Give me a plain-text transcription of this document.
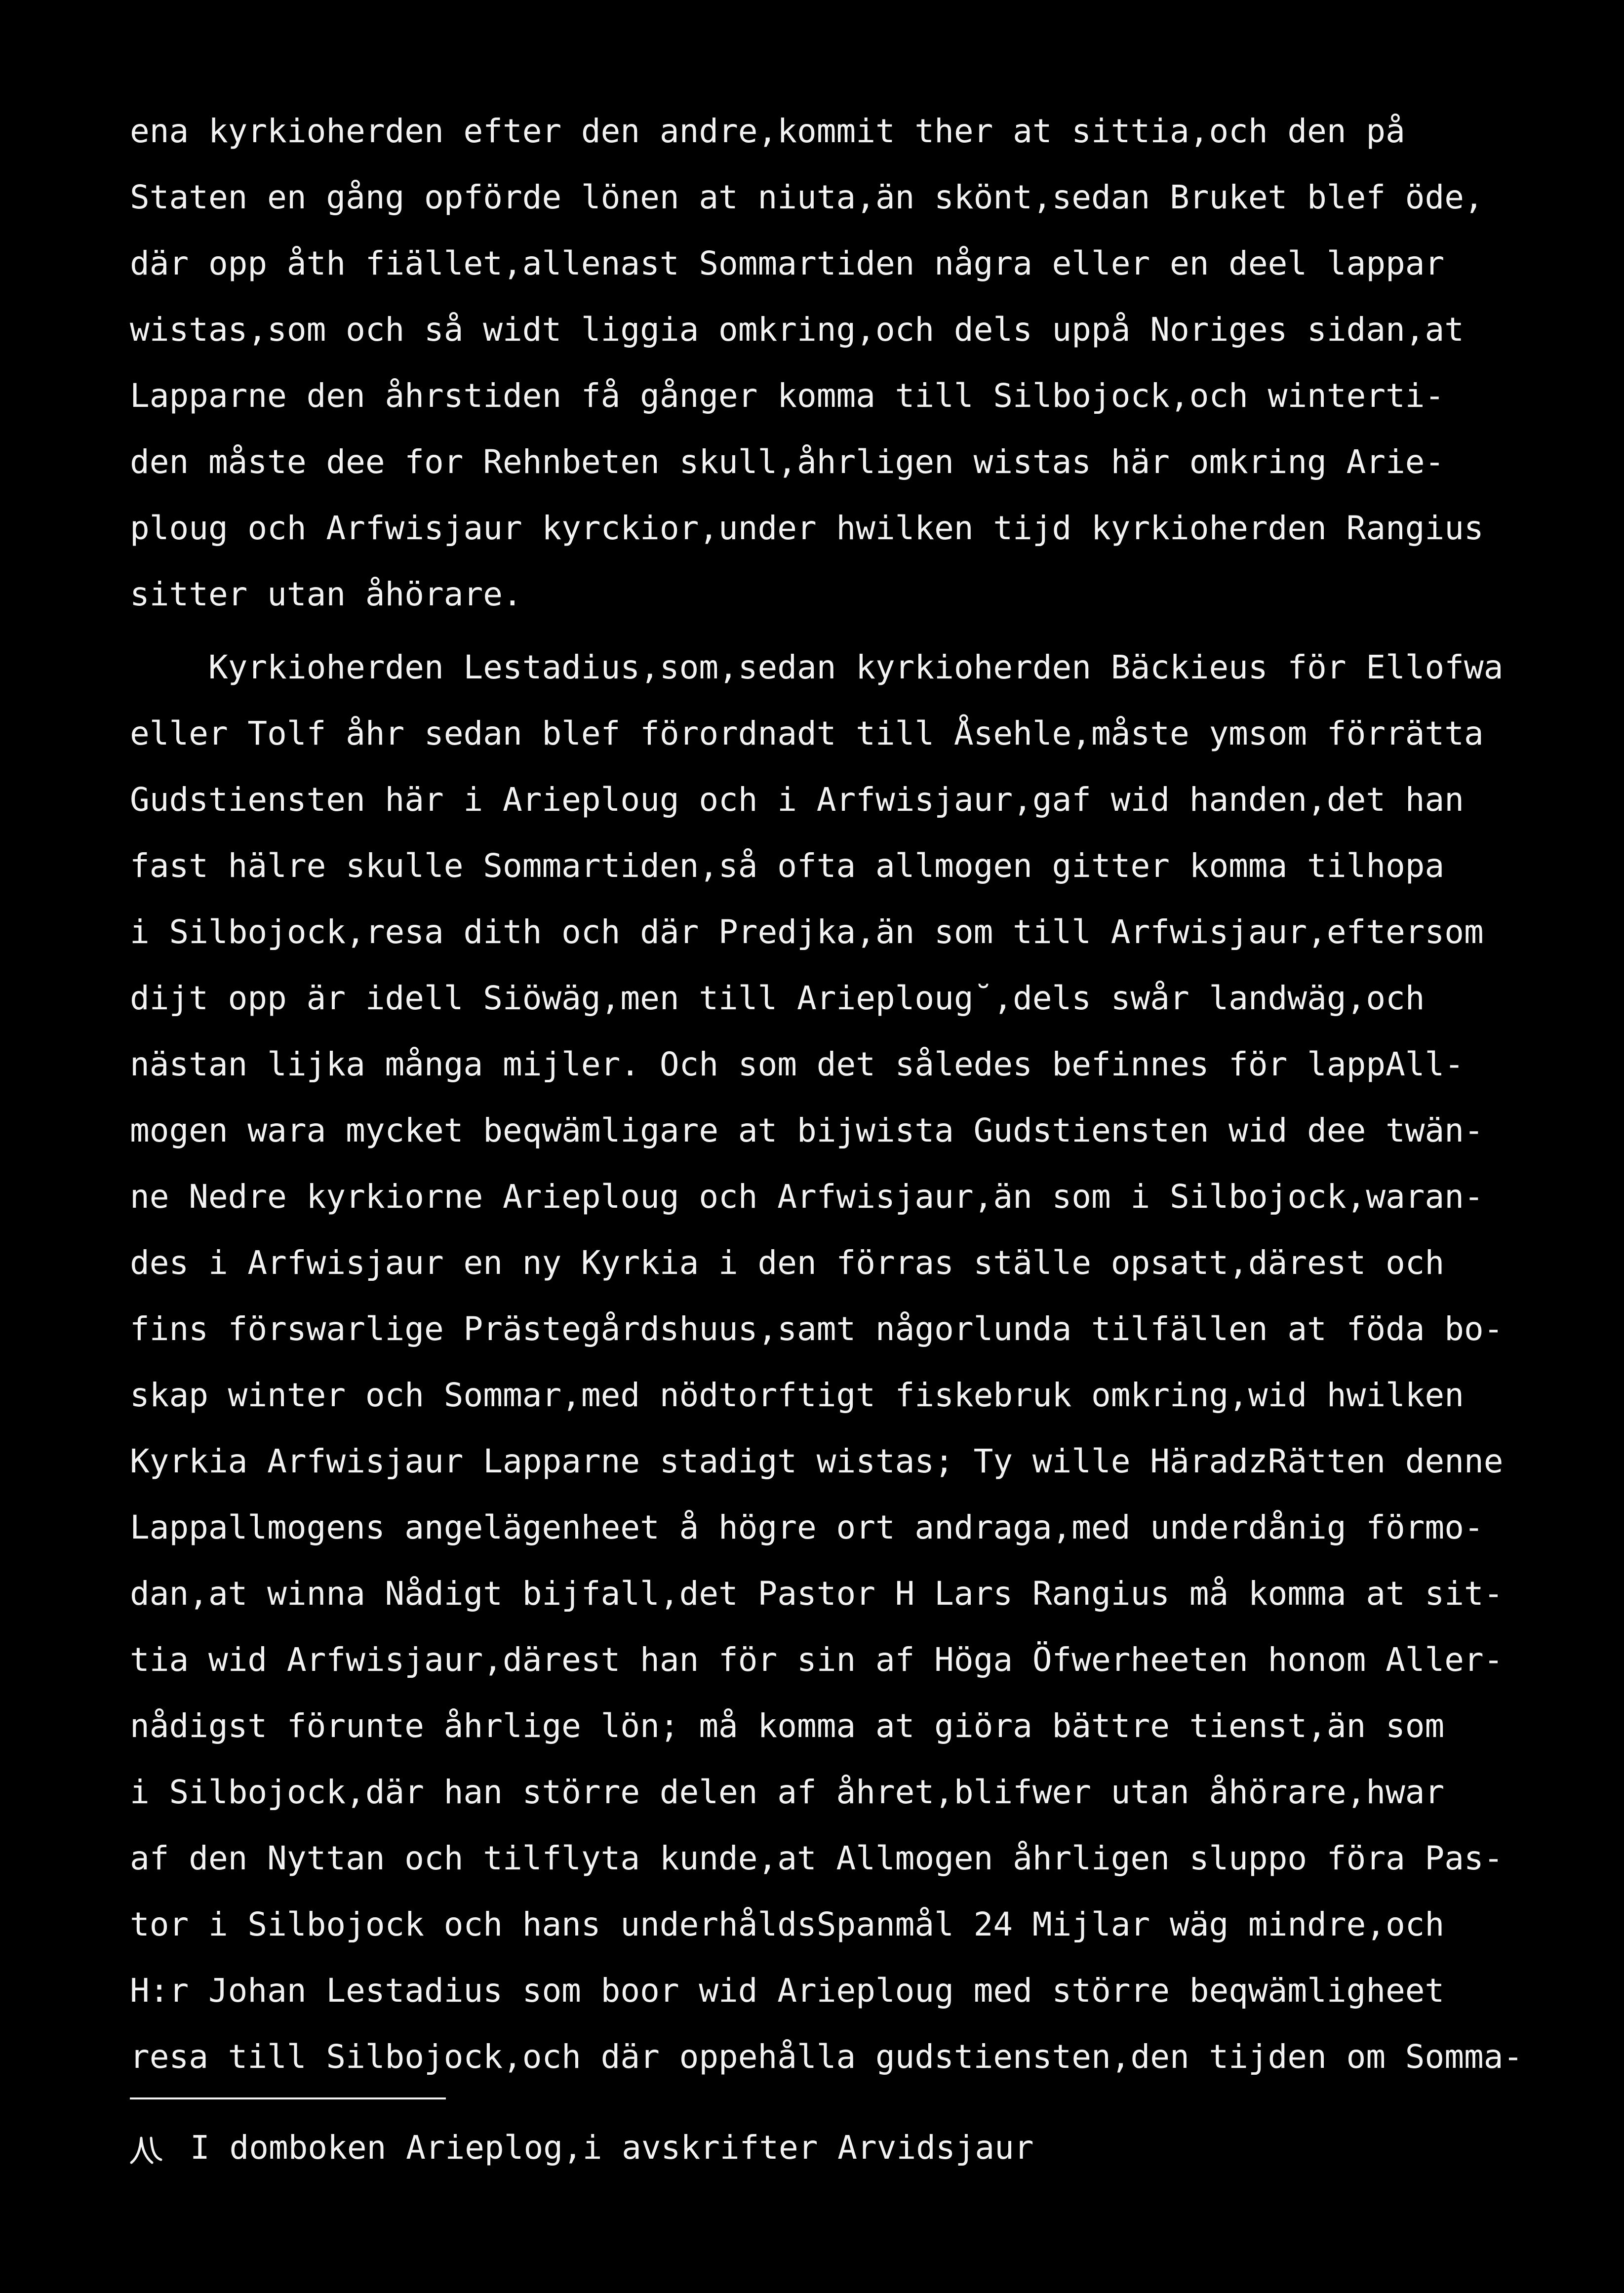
ena kyrkioherden efter den andre,kommit ther at sittia,och den på
Staten en gång opförde lönen at niuta,än skönt,sedan Bruket blef öde,
där opp åth fiället,allenast Sommartiden några eller en deel lappar
wistas,som och så widt liggia omkring,och dels uppå Noriges sidan,at
Lapparne den åhrstiden få gånger komma till Silbojock,och winterti-
den måste dee for Rehnbeten skull,åhrligen wistas här omkring Arie-
ploug och Arfwisjaur kyrckior,under hwilken tijd kyrkioherden Rangius
sitter utan åhörare.
Kyrkioherden Lestadius,som,sedan kyrkioherden Bäckieus för Ellofwa
eller Tolf åhr sedan blef förordnadt till Åsehle,måste ymsom förrätta
Gudstiensten här i Arieploug och i Arfwisjaur,gaf wid handen,det han
fast hälre skulle Sommartiden,så ofta allmogen gitter komma tilhopa
i Silbojock,resa dith och där Predjka,än som till Arfwisjaur,eftersom
dijt opp är idell Siöwäg,men till Arieploug˘,dels swår landwäg,och
nästan lijka många mijler. Och som det således befinnes för lappAll-
mogen wara mycket beqwämligare at bijwista Gudstiensten wid dee twän-
ne Nedre kyrkiorne Arieploug och Arfwisjaur,än som i Silbojock,waran-
des i Arfwisjaur en ny Kyrkia i den förras ställe opsatt,därest och
fins förswarlige Prästegårdshuus,samt någorlunda tilfällen at föda bo-
skap winter och Sommar,med nödtorftigt fiskebruk omkring,wid hwilken
Kyrkia Arfwisjaur Lapparne stadigt wistas; Ty wille HäradzRätten denne
Lappallmogens angelägenheet å högre ort andraga,med underdånig förmo-
dan,at winna Nådigt bijfall,det Pastor H Lars Rangius må komma at sit-
tia wid Arfwisjaur,därest han för sin af Höga Öfwerheeten honom Aller-
nådigst förunte åhrlige lön; må komma at giöra bättre tienst,än som
i Silbojock,där han större delen af åhret,blifwer utan åhörare,hwar
af den Nyttan och tilflyta kunde,at Allmogen åhrligen sluppo föra Pas-
tor i Silbojock och hans underhåldsSpanmål 24 Mijlar wäg mindre,och
H:r Johan Lestadius som boor wid Arieploug med större beqwämligheet
resa till Silbojock,och där oppehålla gudstiensten,den tijden om Somma-
I domboken Arieplog,i avskrifter Arvidsjaur
